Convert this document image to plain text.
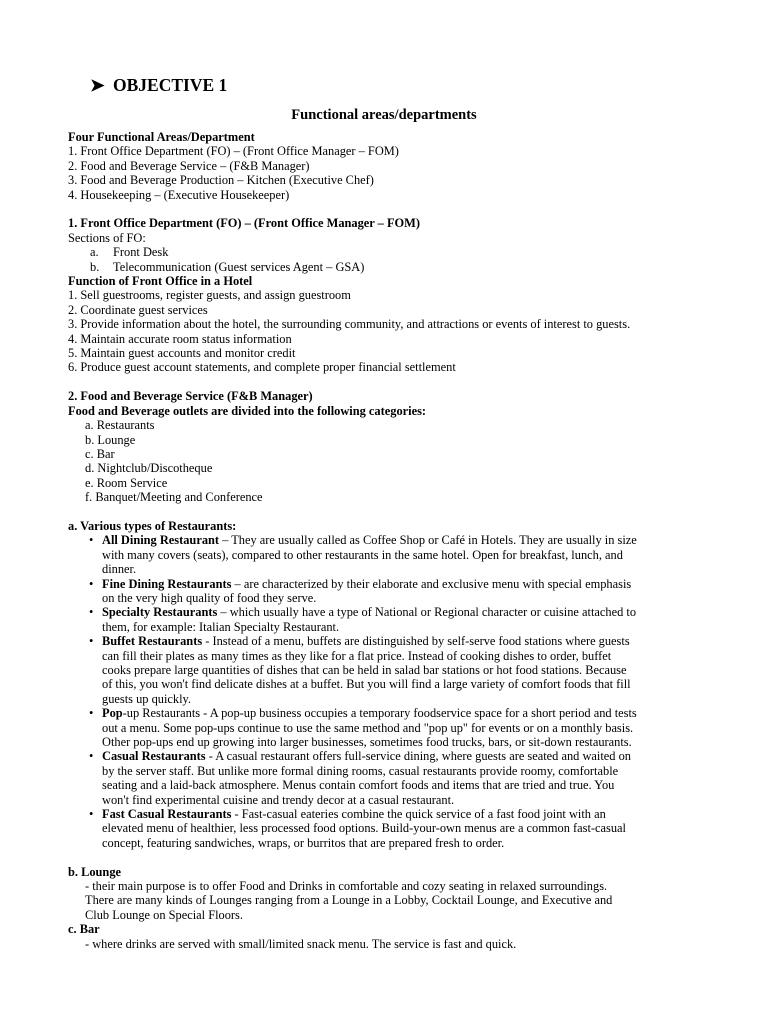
➤ OBJECTIVE 1
Functional areas/departments
Four Functional Areas/Department
1. Front Office Department (FO) – (Front Office Manager – FOM)
2. Food and Beverage Service – (F&B Manager)
3. Food and Beverage Production – Kitchen (Executive Chef)
4. Housekeeping – (Executive Housekeeper)
1. Front Office Department (FO) – (Front Office Manager – FOM)
Sections of FO:
a.	Front Desk
b.	Telecommunication (Guest services Agent – GSA)
Function of Front Office in a Hotel
1. Sell guestrooms, register guests, and assign guestroom
2. Coordinate guest services
3. Provide information about the hotel, the surrounding community, and attractions or events of interest to guests.
4. Maintain accurate room status information
5. Maintain guest accounts and monitor credit
6. Produce guest account statements, and complete proper financial settlement
2. Food and Beverage Service (F&B Manager)
Food and Beverage outlets are divided into the following categories:
a. Restaurants
b. Lounge
c. Bar
d. Nightclub/Discotheque
e. Room Service
f. Banquet/Meeting and Conference
a. Various types of Restaurants:
• All Dining Restaurant – They are usually called as Coffee Shop or Café in Hotels. They are usually in size
with many covers (seats), compared to other restaurants in the same hotel. Open for breakfast, lunch, and
dinner.
• Fine Dining Restaurants – are characterized by their elaborate and exclusive menu with special emphasis
on the very high quality of food they serve.
• Specialty Restaurants – which usually have a type of National or Regional character or cuisine attached to
them, for example: Italian Specialty Restaurant.
• Buffet Restaurants - Instead of a menu, buffets are distinguished by self-serve food stations where guests
can fill their plates as many times as they like for a flat price. Instead of cooking dishes to order, buffet
cooks prepare large quantities of dishes that can be held in salad bar stations or hot food stations. Because
of this, you won't find delicate dishes at a buffet. But you will find a large variety of comfort foods that fill
guests up quickly.
• Pop-up Restaurants - A pop-up business occupies a temporary foodservice space for a short period and tests
out a menu. Some pop-ups continue to use the same method and "pop up" for events or on a monthly basis.
Other pop-ups end up growing into larger businesses, sometimes food trucks, bars, or sit-down restaurants.
• Casual Restaurants - A casual restaurant offers full-service dining, where guests are seated and waited on
by the server staff. But unlike more formal dining rooms, casual restaurants provide roomy, comfortable
seating and a laid-back atmosphere. Menus contain comfort foods and items that are tried and true. You
won't find experimental cuisine and trendy decor at a casual restaurant.
• Fast Casual Restaurants - Fast-casual eateries combine the quick service of a fast food joint with an
elevated menu of healthier, less processed food options. Build-your-own menus are a common fast-casual
concept, featuring sandwiches, wraps, or burritos that are prepared fresh to order.
b. Lounge
- their main purpose is to offer Food and Drinks in comfortable and cozy seating in relaxed surroundings.
There are many kinds of Lounges ranging from a Lounge in a Lobby, Cocktail Lounge, and Executive and
Club Lounge on Special Floors.
c. Bar
- where drinks are served with small/limited snack menu. The service is fast and quick.
